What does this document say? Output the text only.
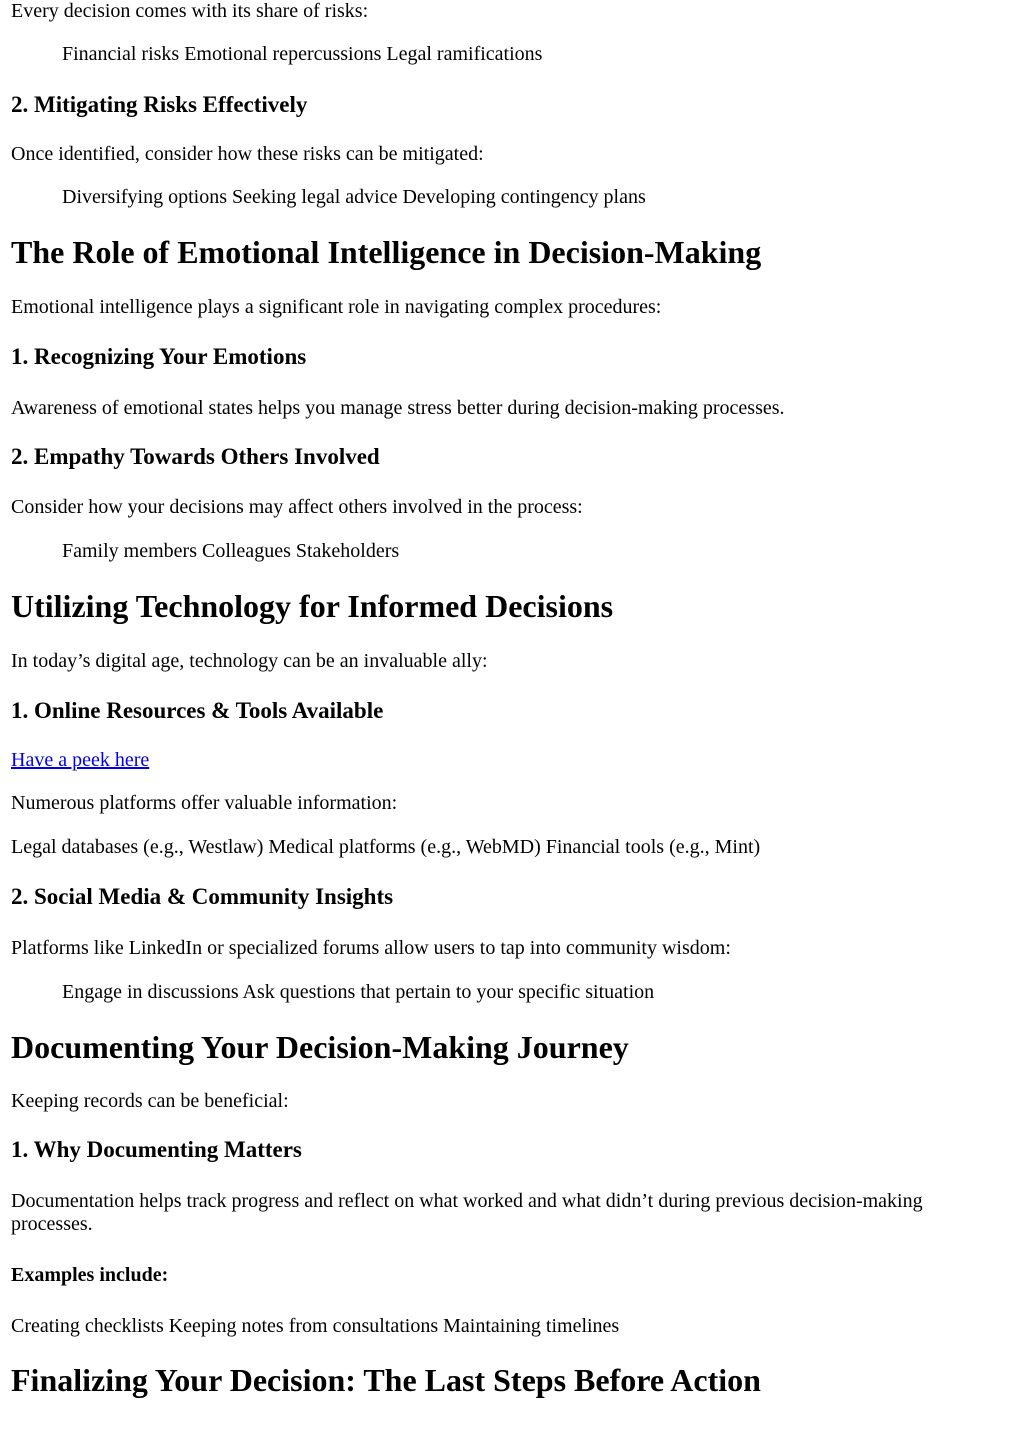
Every decision comes with its share of risks:
Financial risks Emotional repercussions Legal ramifications
2. Mitigating Risks Effectively
Once identified, consider how these risks can be mitigated:
Diversifying options Seeking legal advice Developing contingency plans
The Role of Emotional Intelligence in Decision-Making
Emotional intelligence plays a significant role in navigating complex procedures:
1. Recognizing Your Emotions
Awareness of emotional states helps you manage stress better during decision-making processes.
2. Empathy Towards Others Involved
Consider how your decisions may affect others involved in the process:
Family members Colleagues Stakeholders
Utilizing Technology for Informed Decisions
In today’s digital age, technology can be an invaluable ally:
1. Online Resources & Tools Available
Have a peek here
Numerous platforms offer valuable information:
Legal databases (e.g., Westlaw) Medical platforms (e.g., WebMD) Financial tools (e.g., Mint)
2. Social Media & Community Insights
Platforms like LinkedIn or specialized forums allow users to tap into community wisdom:
Engage in discussions Ask questions that pertain to your specific situation
Documenting Your Decision-Making Journey
Keeping records can be beneficial:
1. Why Documenting Matters
Documentation helps track progress and reflect on what worked and what didn’t during previous decision-making processes.
Examples include:
Creating checklists Keeping notes from consultations Maintaining timelines
Finalizing Your Decision: The Last Steps Before Action
